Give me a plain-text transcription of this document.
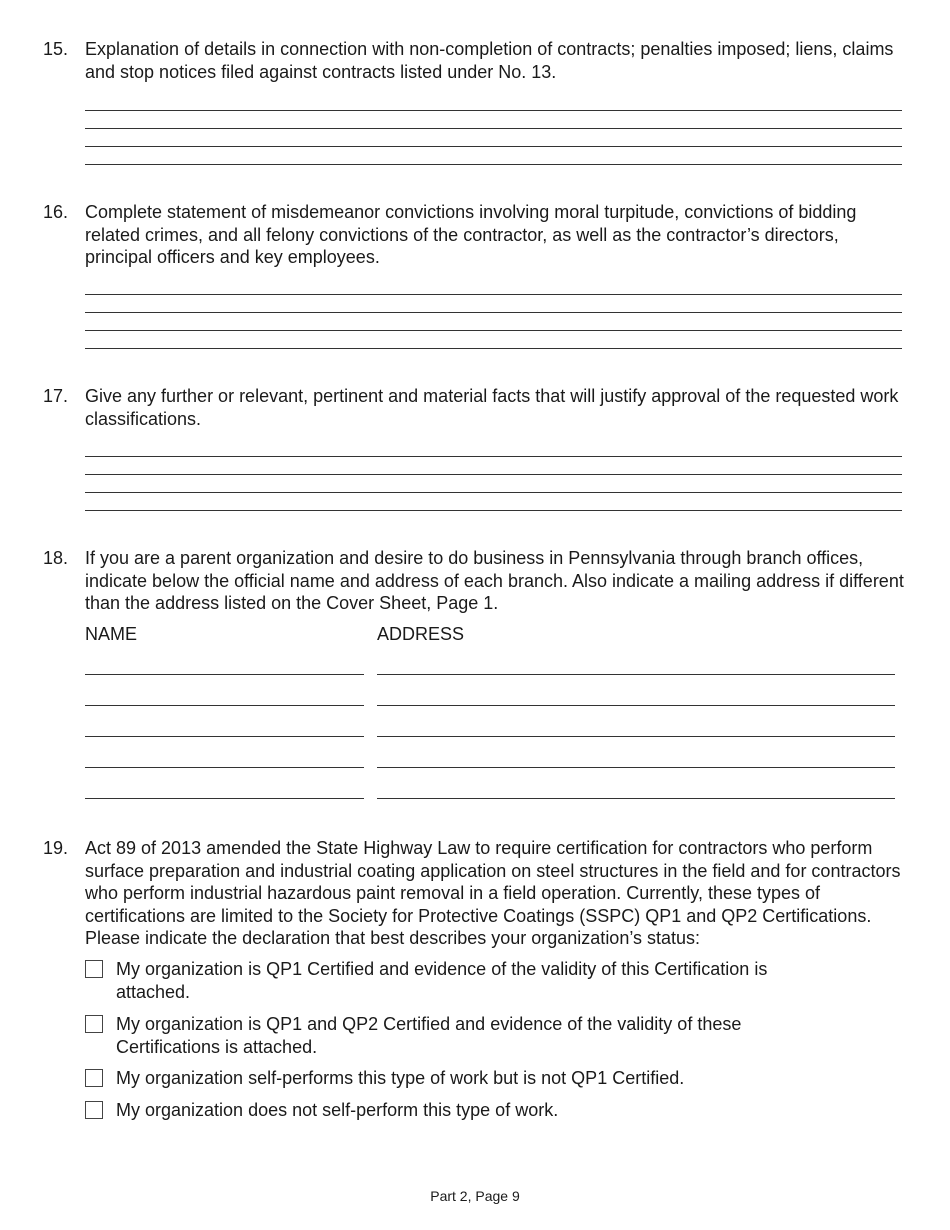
15. Explanation of details in connection with non-completion of contracts; penalties imposed; liens, claims and stop notices filed against contracts listed under No. 13.
16. Complete statement of misdemeanor convictions involving moral turpitude, convictions of bidding related crimes, and all felony convictions of the contractor, as well as the contractor’s directors, principal officers and key employees.
17. Give any further or relevant, pertinent and material facts that will justify approval of the requested work classifications.
18. If you are a parent organization and desire to do business in Pennsylvania through branch offices, indicate below the official name and address of each branch. Also indicate a mailing address if different than the address listed on the Cover Sheet, Page 1.
NAME	ADDRESS
19. Act 89 of 2013 amended the State Highway Law to require certification for contractors who perform surface preparation and industrial coating application on steel structures in the field and for contractors who perform industrial hazardous paint removal in a field operation. Currently, these types of certifications are limited to the Society for Protective Coatings (SSPC) QP1 and QP2 Certifications. Please indicate the declaration that best describes your organization’s status:
My organization is QP1 Certified and evidence of the validity of this Certification is attached.
My organization is QP1 and QP2 Certified and evidence of the validity of these Certifications is attached.
My organization self-performs this type of work but is not QP1 Certified.
My organization does not self-perform this type of work.
Part 2, Page 9
